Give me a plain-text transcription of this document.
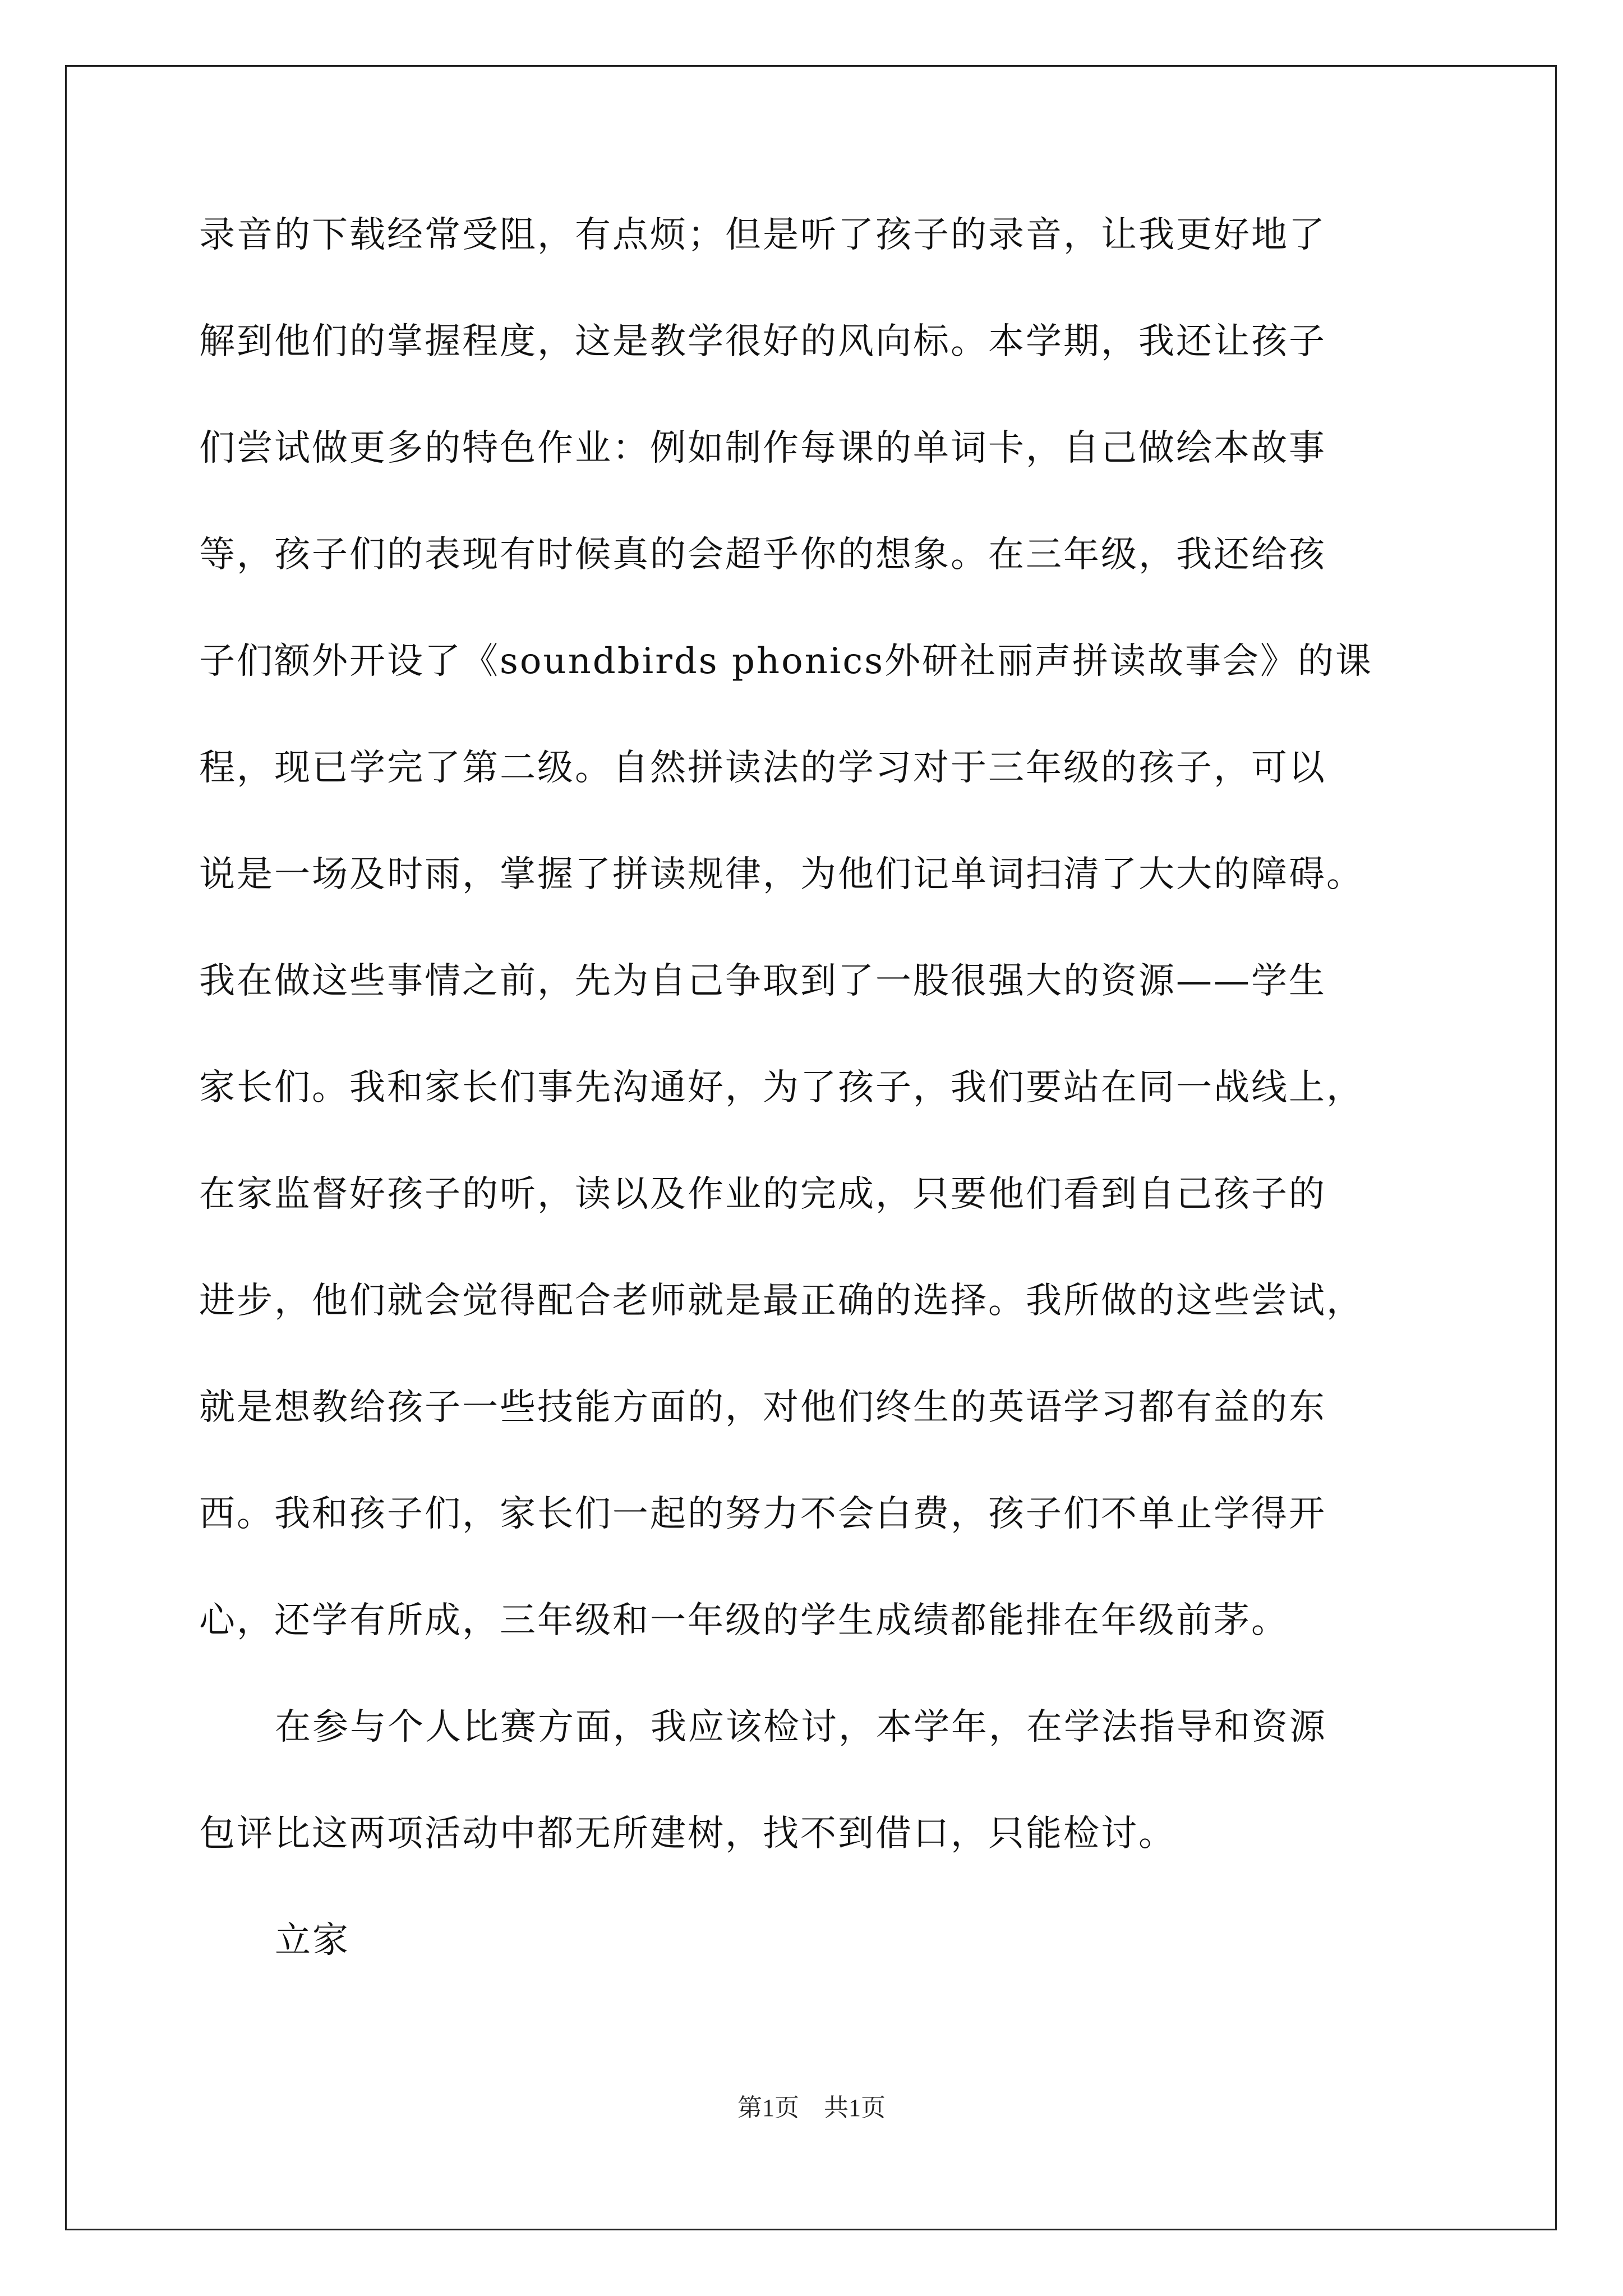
录音的下载经常受阻，有点烦；但是听了孩子的录音，让我更好地了
解到他们的掌握程度，这是教学很好的风向标。本学期，我还让孩子
们尝试做更多的特色作业：例如制作每课的单词卡，自己做绘本故事
等，孩子们的表现有时候真的会超乎你的想象。在三年级，我还给孩
子们额外开设了《soundbirds phonics外研社丽声拼读故事会》的课
程，现已学完了第二级。自然拼读法的学习对于三年级的孩子，可以
说是一场及时雨，掌握了拼读规律，为他们记单词扫清了大大的障碍。
我在做这些事情之前，先为自己争取到了一股很强大的资源——学生
家长们。我和家长们事先沟通好，为了孩子，我们要站在同一战线上，
在家监督好孩子的听，读以及作业的完成，只要他们看到自己孩子的
进步，他们就会觉得配合老师就是最正确的选择。我所做的这些尝试，
就是想教给孩子一些技能方面的，对他们终生的英语学习都有益的东
西。我和孩子们，家长们一起的努力不会白费，孩子们不单止学得开
心，还学有所成，三年级和一年级的学生成绩都能排在年级前茅。
在参与个人比赛方面，我应该检讨，本学年，在学法指导和资源
包评比这两项活动中都无所建树，找不到借口，只能检讨。
立家
第1页　共1页
